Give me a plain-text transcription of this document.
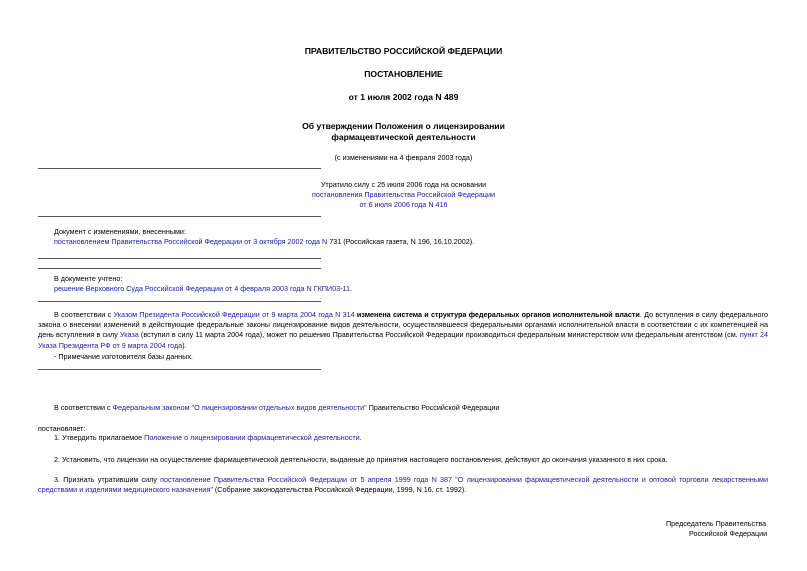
ПРАВИТЕЛЬСТВО РОССИЙСКОЙ ФЕДЕРАЦИИ
ПОСТАНОВЛЕНИЕ
от 1 июля 2002 года N 489
Об утверждении Положения о лицензировании
фармацевтической деятельности
(с изменениями на 4 февраля 2003 года)
Утратило силу с 25 июля 2006 года на основании
постановления Правительства Российской Федерации
от 6 июля 2006 года N 416
Документ с изменениями, внесенными:
постановлением Правительства Российской Федерации от 3 октября 2002 года N 731 (Российская газета, N 196, 16.10.2002).
В документе учтено:
решение Верховного Суда Российской Федерации от 4 февраля 2003 года N ГКПИ03-11.
В соответствии с Указом Президента Российской Федерации от 9 марта 2004 года N 314 изменена система и структура федеральных органов исполнительной власти. До вступления в силу федерального закона о внесении изменений в действующие федеральные законы лицензирование видов деятельности, осуществлявшееся федеральными органами исполнительной власти в соответствии с их компетенцией на день вступления в силу Указа (вступил в силу 11 марта 2004 года), может по решению Правительства Российской Федерации производиться федеральным министерством или федеральным агентством (см. пункт 24 Указа Президента РФ от 9 марта 2004 года).
- Примечание изготовителя базы данных.
В соответствии с Федеральным законом "О лицензировании отдельных видов деятельности" Правительство Российской Федерации
постановляет:
1. Утвердить прилагаемое Положение о лицензировании фармацевтической деятельности.
2. Установить, что лицензии на осуществление фармацевтической деятельности, выданные до принятия настоящего постановления, действуют до окончания указанного в них срока.
3. Признать утратившим силу постановление Правительства Российской Федерации от 5 апреля 1999 года N 387 "О лицензировании фармацевтической деятельности и оптовой торговли лекарственными средствами и изделиями медицинского назначения" (Собрание законодательства Российской Федерации, 1999, N 16, ст. 1992).
Председатель Правительства
Российской Федерации
